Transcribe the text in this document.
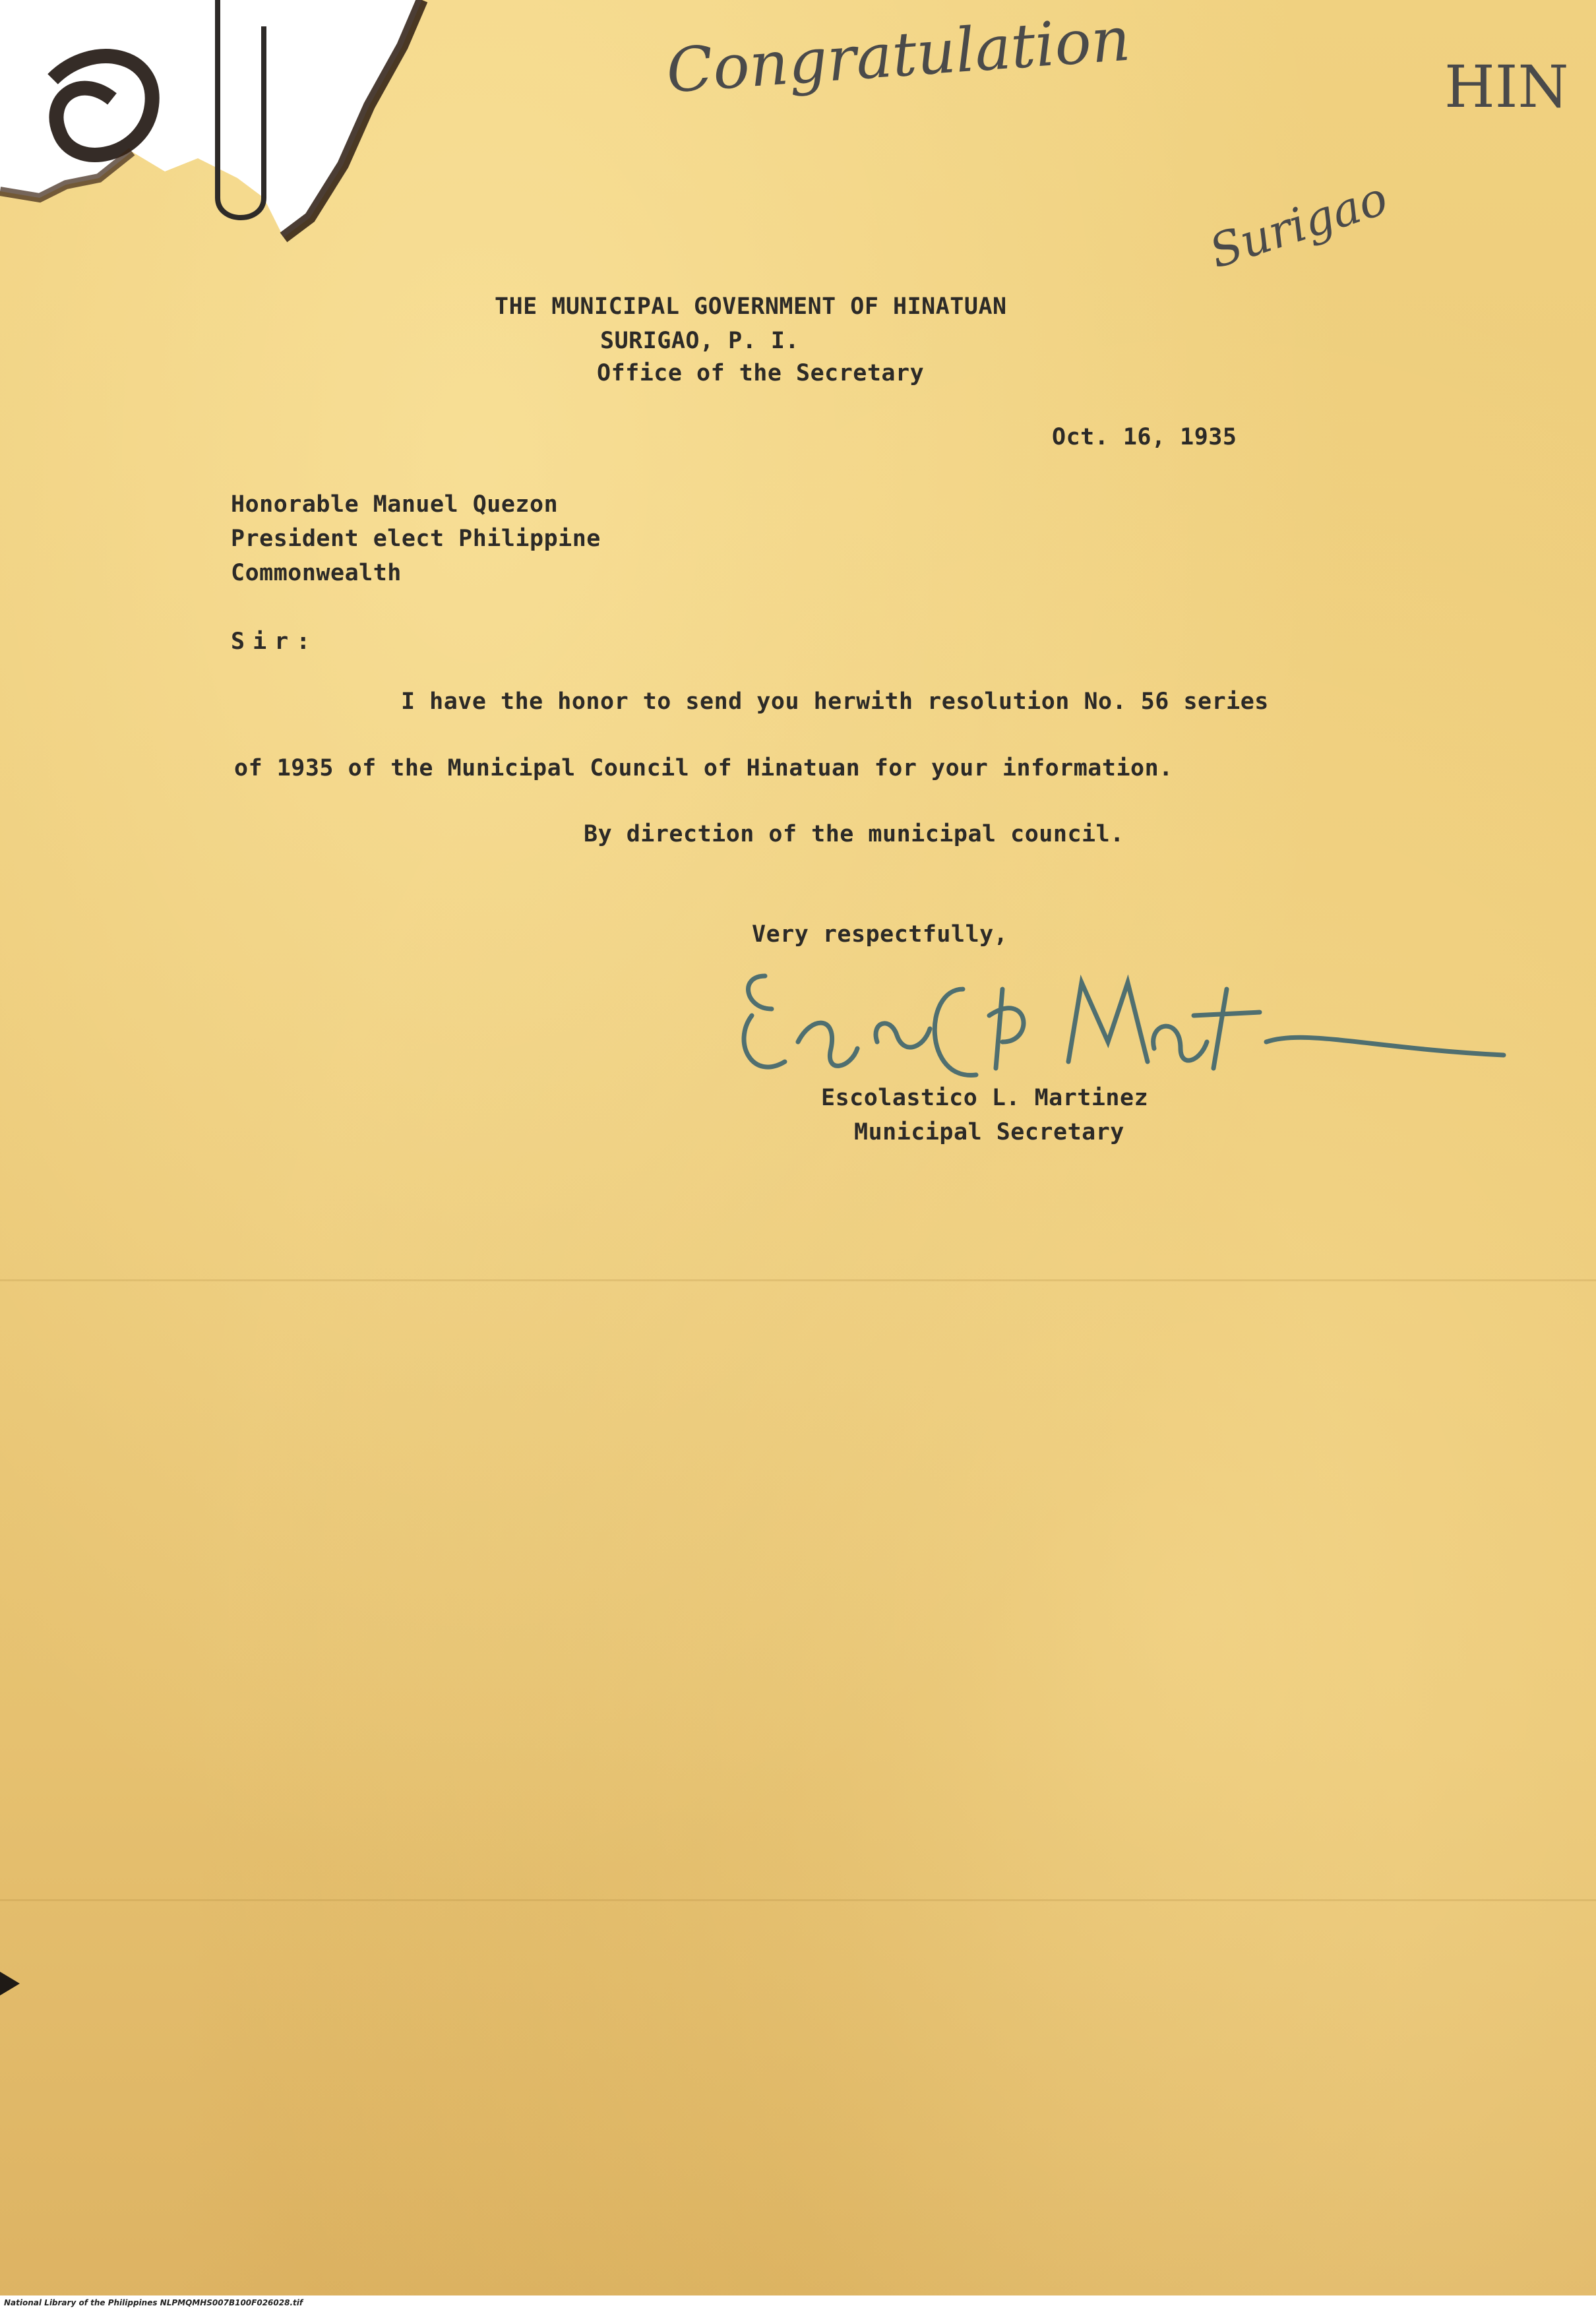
Congratulation	HIN
Surigao
THE MUNICIPAL GOVERNMENT OF HINATUAN
SURIGAO, P. I.
Office of the Secretary
Oct. 16, 1935
Honorable Manuel Quezon
President elect Philippine
Commonwealth
Sir:
I have the honor to send you herwith resolution No. 56 series
of 1935 of the Municipal Council of Hinatuan for your information.
By direction of the municipal council.
Very respectfully,
Escolastico L. Martinez
Municipal Secretary
National Library of the Philippines NLPMQMHS007B100F026028.tif
